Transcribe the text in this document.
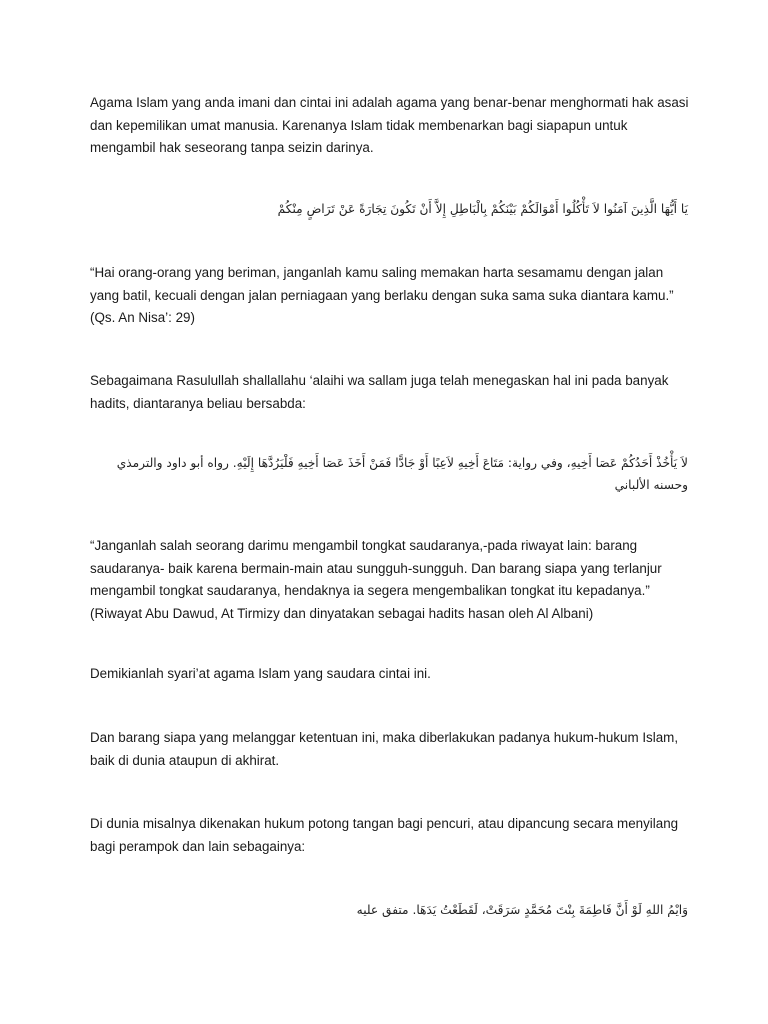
Agama Islam yang anda imani dan cintai ini adalah agama yang benar-benar menghormati hak asasi dan kepemilikan umat manusia. Karenanya Islam tidak membenarkan bagi siapapun untuk mengambil hak seseorang tanpa seizin darinya.

يَا أَيُّهَا الَّذِينَ آمَنُوا لاَ تَأْكُلُوا أَمْوَالَكُمْ بَيْنَكُمْ بِالْبَاطِلِ إِلاَّ أَنْ تَكُونَ تِجَارَةً عَنْ تَرَاضٍ مِنْكُمْ

“Hai orang-orang yang beriman, janganlah kamu saling memakan harta sesamamu dengan jalan yang batil, kecuali dengan jalan perniagaan yang berlaku dengan suka sama suka diantara kamu.” (Qs. An Nisa’: 29)

Sebagaimana Rasulullah shallallahu ‘alaihi wa sallam juga telah menegaskan hal ini pada banyak hadits, diantaranya beliau bersabda:

لاَ يَأْخُذْ أَحَدُكُمْ عَصَا أَخِيهِ، وفي رواية: مَتَاعَ أَخِيهِ لاَعِبًا أَوْ جَادًّا فَمَنْ أَخَذَ عَصَا أَخِيهِ فَلْيَرُدَّهَا إِلَيْهِ. رواه أبو داود والترمذي وحسنه الألباني

“Janganlah salah seorang darimu mengambil tongkat saudaranya,-pada riwayat lain: barang saudaranya- baik karena bermain-main atau sungguh-sungguh. Dan barang siapa yang terlanjur mengambil tongkat saudaranya, hendaknya ia segera mengembalikan tongkat itu kepadanya.” (Riwayat Abu Dawud, At Tirmizy dan dinyatakan sebagai hadits hasan oleh Al Albani)

Demikianlah syari’at agama Islam yang saudara cintai ini.

Dan barang siapa yang melanggar ketentuan ini, maka diberlakukan padanya hukum-hukum Islam, baik di dunia ataupun di akhirat.

Di dunia misalnya dikenakan hukum potong tangan bagi pencuri, atau dipancung secara menyilang bagi perampok dan lain sebagainya:

وَايْمُ اللهِ لَوْ أَنَّ فَاطِمَةَ بِنْتَ مُحَمَّدٍ سَرَقَتْ، لَقَطَعْتُ يَدَهَا. متفق عليه
